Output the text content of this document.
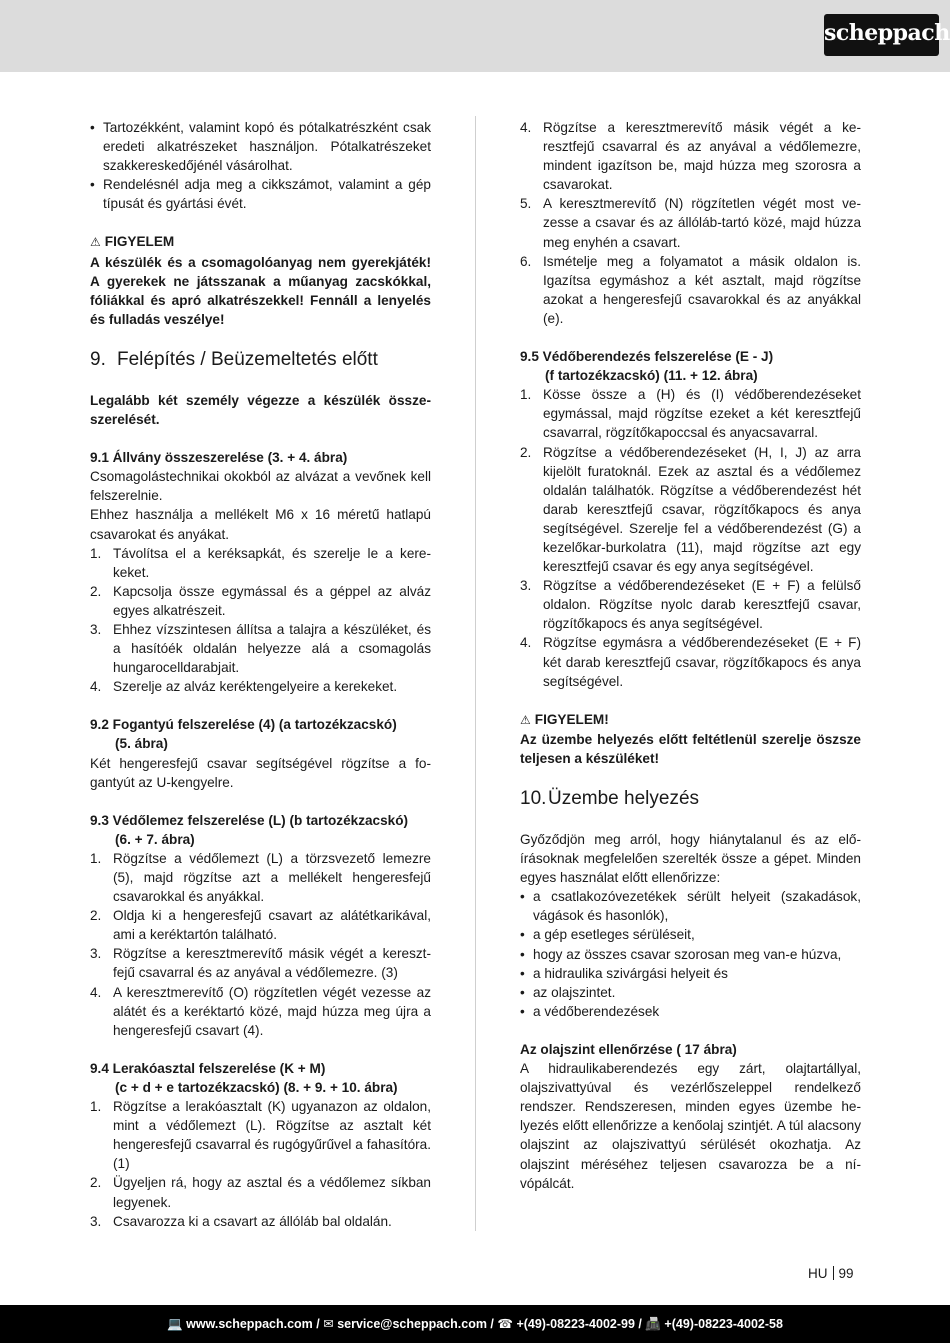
scheppach
• Tartozékként, valamint kopó és pótalkatrészként csak eredeti alkatrészeket használjon. Pótalkatrészeket szakkereskedőjénél vásárolhat.
• Rendelésnél adja meg a cikkszámot, valamint a gép típusát és gyártási évét.
⚠ FIGYELEM
A készülék és a csomagolóanyag nem gyerekjáték! A gyerekek ne játsszanak a műanyag zacskókkal, fóliákkal és apró alkatrészekkel! Fennáll a lenyelés és fulladás veszélye!
9. Felépítés / Beüzemeltetés előtt
Legalább két személy végezze a készülék összeszerelését.
9.1 Állvány összeszerelése (3. + 4. ábra)
Csomagolástechnikai okokból az alvázat a vevőnek kell felszerelnie.
Ehhez használja a mellékelt M6 x 16 méretű hatlapú csavarokat és anyákat.
1. Távolítsa el a keréksapkát, és szerelje le a kerekeket.
2. Kapcsolja össze egymással és a géppel az alváz egyes alkatrészeit.
3. Ehhez vízszintesen állítsa a talajra a készüléket, és a hasítóék oldalán helyezze alá a csomagolás hungarocelldarabjait.
4. Szerelje az alváz keréktengelyeire a kerekeket.
9.2 Fogantyú felszerelése (4) (a tartozékzacskó)
(5. ábra)
Két hengeresfejű csavar segítségével rögzítse a fogantyút az U-kengyelre.
9.3 Védőlemez felszerelése (L) (b tartozékzacskó)
(6. + 7. ábra)
1. Rögzítse a védőlemezt (L) a törzsvezető lemezre (5), majd rögzítse azt a mellékelt hengeresfejű csavarokkal és anyákkal.
2. Oldja ki a hengeresfejű csavart az alátétkarikával, ami a keréktartón található.
3. Rögzítse a keresztmerevítő másik végét a keresztfejű csavarral és az anyával a védőlemezre. (3)
4. A keresztmerevítő (O) rögzítetlen végét vezesse az alátét és a keréktartó közé, majd húzza meg újra a hengeresfejű csavart (4).
9.4 Lerakóasztal felszerelése (K + M)
(c + d + e tartozékzacskó) (8. + 9. + 10. ábra)
1. Rögzítse a lerakóasztalt (K) ugyanazon az oldalon, mint a védőlemezt (L). Rögzítse az asztalt két hengeresfejű csavarral és rugógyűrűvel a fahasítóra. (1)
2. Ügyeljen rá, hogy az asztal és a védőlemez síkban legyenek.
3. Csavarozza ki a csavart az állóláb bal oldalán.
4. Rögzítse a keresztmerevítő másik végét a keresztfejű csavarral és az anyával a védőlemezre, mindent igazítson be, majd húzza meg szorosra a csavarokat.
5. A keresztmerevítő (N) rögzítetlen végét most vezesse a csavar és az állóláb-tartó közé, majd húzza meg enyhén a csavart.
6. Ismételje meg a folyamatot a másik oldalon is. Igazítsa egymáshoz a két asztalt, majd rögzítse azokat a hengeresfejű csavarokkal és az anyákkal (e).
9.5 Védőberendezés felszerelése (E - J)
(f tartozékzacskó) (11. + 12. ábra)
1. Kösse össze a (H) és (I) védőberendezéseket egymással, majd rögzítse ezeket a két keresztfejű csavarral, rögzítőkapoccsal és anyacsavarral.
2. Rögzítse a védőberendezéseket (H, I, J) az arra kijelölt furatoknál. Ezek az asztal és a védőlemez oldalán találhatók. Rögzítse a védőberendezést hét darab keresztfejű csavar, rögzítőkapocs és anya segítségével. Szerelje fel a védőberendezést (G) a kezelőkar-burkolatra (11), majd rögzítse azt egy keresztfejű csavar és egy anya segítségével.
3. Rögzítse a védőberendezéseket (E + F) a felülső oldalon. Rögzítse nyolc darab keresztfejű csavar, rögzítőkapocs és anya segítségével.
4. Rögzítse egymásra a védőberendezéseket (E + F) két darab keresztfejű csavar, rögzítőkapocs és anya segítségével.
⚠ FIGYELEM!
Az üzembe helyezés előtt feltétlenül szerelje öszsze teljesen a készüléket!
10.Üzembe helyezés
Győződjön meg arról, hogy hiánytalanul és az előírásoknak megfelelően szerelték össze a gépet. Minden egyes használat előtt ellenőrizze:
• a csatlakozóvezetékek sérült helyeit (szakadások, vágások és hasonlók),
• a gép esetleges sérüléseit,
• hogy az összes csavar szorosan meg van-e húzva,
• a hidraulika szivárgási helyeit és
• az olajszintet.
• a védőberendezések
Az olajszint ellenőrzése ( 17 ábra)
A hidraulikaberendezés egy zárt, olajtartállyal, olajszivattyúval és vezérlőszeleppel rendelkező rendszer. Rendszeresen, minden egyes üzembe helyezés előtt ellenőrizze a kenőolaj szintjét. A túl alacsony olajszint az olajszivattyú sérülését okozhatja. Az olajszint méréséhez teljesen csavarozza be a nívópálcát.
HU 99
💻 www.scheppach.com / ✉ service@scheppach.com / ☎ +(49)-08223-4002-99 / 📠 +(49)-08223-4002-58
